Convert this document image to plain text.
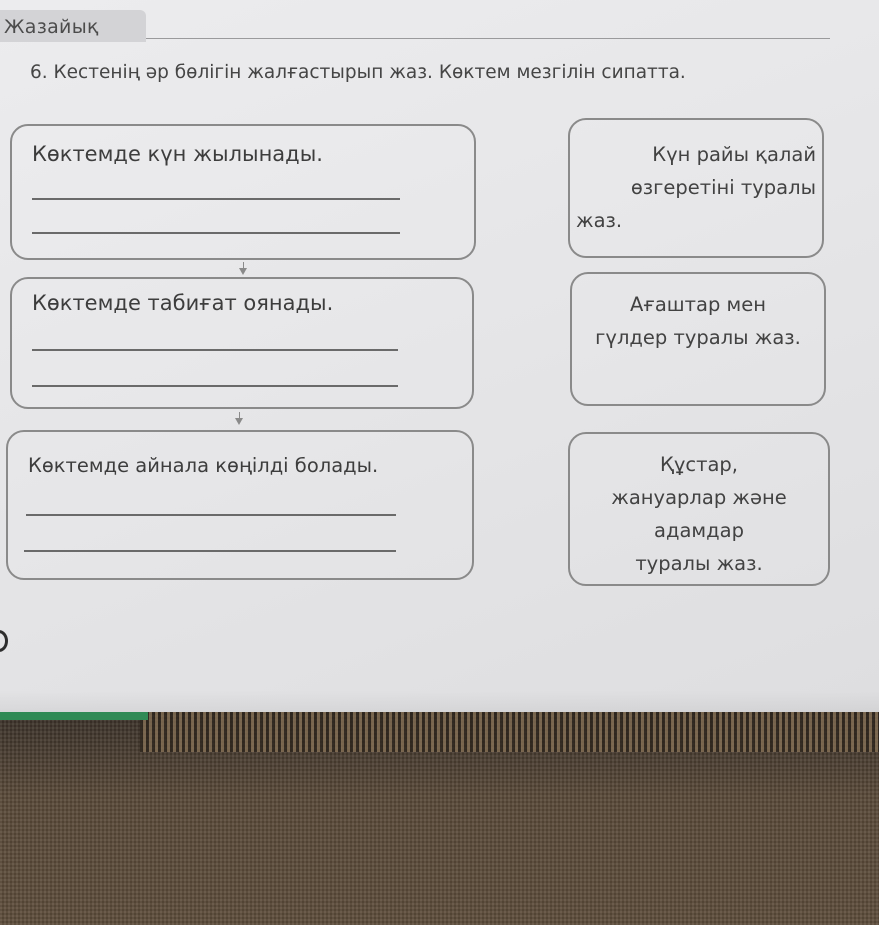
Жазайық
6. Кестенің әр бөлігін жалғастырып жаз. Көктем мезгілін сипатта.
Көктемде күн жылынады.	Күн райы қалай
өзгеретіні туралы
жаз.
Көктемде табиғат оянады.	Ағаштар мен
гүлдер туралы жаз.
Көктемде айнала көңілді болады.	Құстар,
жануарлар және
адамдар
туралы жаз.
